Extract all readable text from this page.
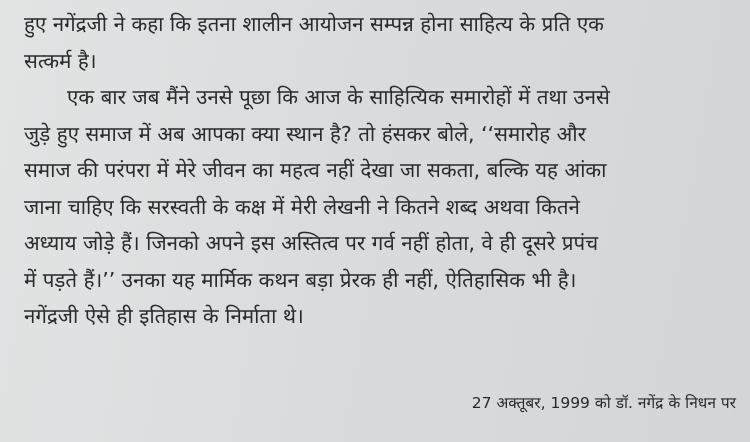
हुए नगेंद्रजी ने कहा कि इतना शालीन आयोजन सम्पन्न होना साहित्य के प्रति एक
सत्कर्म है।
एक बार जब मैंने उनसे पूछा कि आज के साहित्यिक समारोहों में तथा उनसे
जुड़े हुए समाज में अब आपका क्या स्थान है? तो हंसकर बोले, ‘‘समारोह और
समाज की परंपरा में मेरे जीवन का महत्व नहीं देखा जा सकता, बल्कि यह आंका
जाना चाहिए कि सरस्वती के कक्ष में मेरी लेखनी ने कितने शब्द अथवा कितने
अध्याय जोड़े हैं। जिनको अपने इस अस्तित्व पर गर्व नहीं होता, वे ही दूसरे प्रपंच
में पड़ते हैं।’’ उनका यह मार्मिक कथन बड़ा प्रेरक ही नहीं, ऐतिहासिक भी है।
नगेंद्रजी ऐसे ही इतिहास के निर्माता थे।
27 अक्तूबर, 1999 को डॉ. नगेंद्र के निधन पर
